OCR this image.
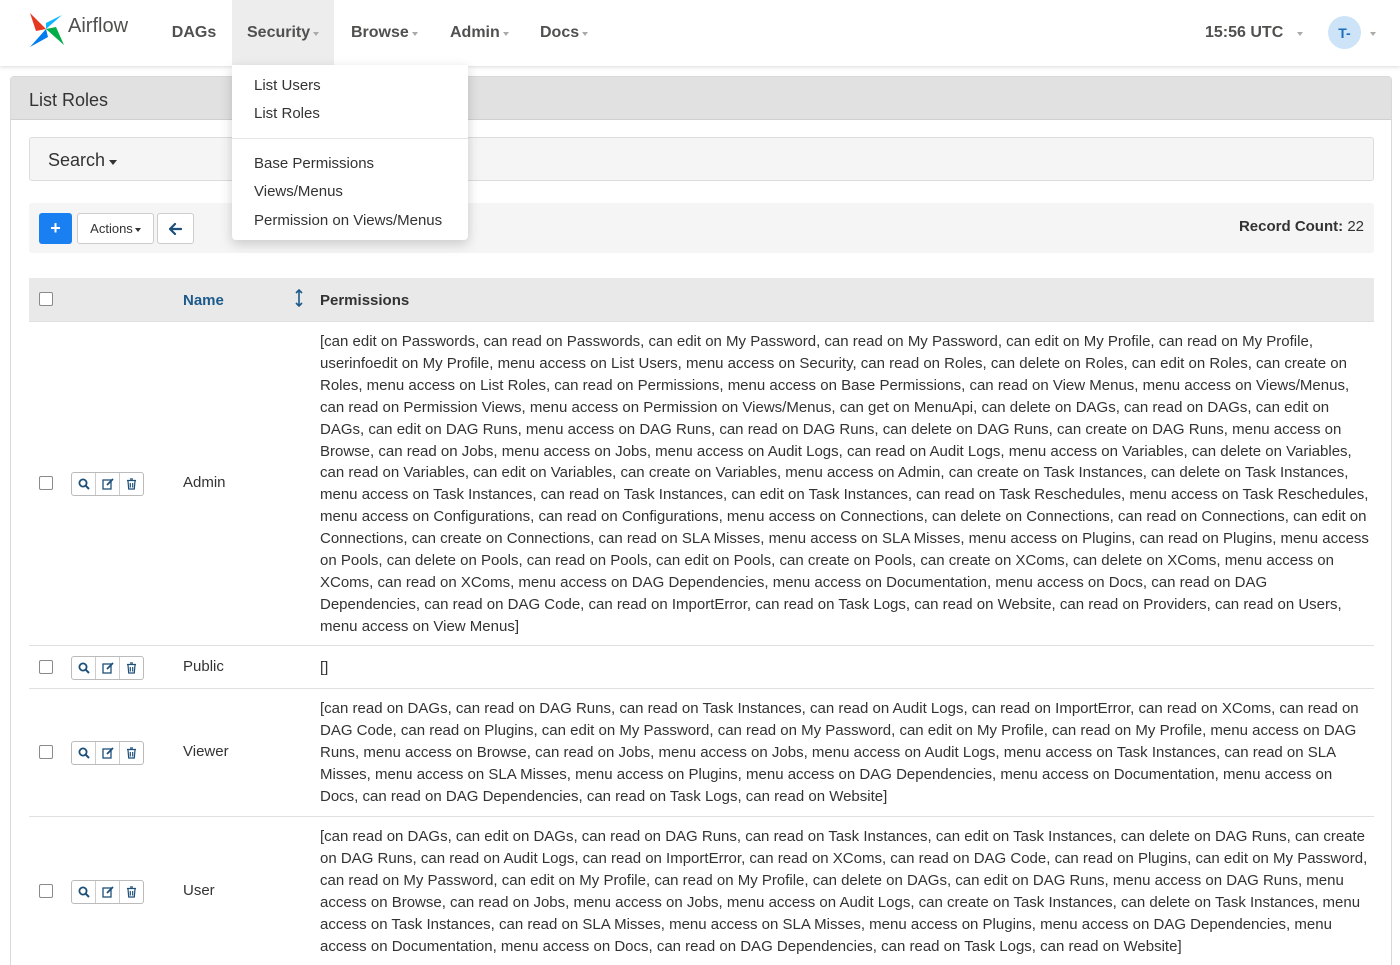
Airflow	DAGs Security	Browse	Admin	Docs	15:56 UTC	T-
List Roles
Search
+ Actions	Record Count: 22
Name	Permissions
Admin
[can edit on Passwords, can read on Passwords, can edit on My Password, can read on My Password, can edit on My Profile, can read on My Profile, userinfoedit on My Profile, menu access on List Users, menu access on Security, can read on Roles, can delete on Roles, can edit on Roles, can create on Roles, menu access on List Roles, can read on Permissions, menu access on Base Permissions, can read on View Menus, menu access on Views/Menus, can read on Permission Views, menu access on Permission on Views/Menus, can get on MenuApi, can delete on DAGs, can read on DAGs, can edit on DAGs, can edit on DAG Runs, menu access on DAG Runs, can read on DAG Runs, can delete on DAG Runs, can create on DAG Runs, menu access on Browse, can read on Jobs, menu access on Jobs, menu access on Audit Logs, can read on Audit Logs, menu access on Variables, can delete on Variables, can read on Variables, can edit on Variables, can create on Variables, menu access on Admin, can create on Task Instances, can delete on Task Instances, menu access on Task Instances, can read on Task Instances, can edit on Task Instances, can read on Task Reschedules, menu access on Task Reschedules, menu access on Configurations, can read on Configurations, menu access on Connections, can delete on Connections, can read on Connections, can edit on Connections, can create on Connections, can read on SLA Misses, menu access on SLA Misses, menu access on Plugins, can read on Plugins, menu access on Pools, can delete on Pools, can read on Pools, can edit on Pools, can create on Pools, can create on XComs, can delete on XComs, menu access on XComs, can read on XComs, menu access on DAG Dependencies, menu access on Documentation, menu access on Docs, can read on DAG Dependencies, can read on DAG Code, can read on ImportError, can read on Task Logs, can read on Website, can read on Providers, can read on Users, menu access on View Menus]
Public	[]
Viewer
[can read on DAGs, can read on DAG Runs, can read on Task Instances, can read on Audit Logs, can read on ImportError, can read on XComs, can read on DAG Code, can read on Plugins, can edit on My Password, can read on My Password, can edit on My Profile, can read on My Profile, menu access on DAG Runs, menu access on Browse, can read on Jobs, menu access on Jobs, menu access on Audit Logs, menu access on Task Instances, can read on SLA Misses, menu access on SLA Misses, menu access on Plugins, menu access on DAG Dependencies, menu access on Documentation, menu access on Docs, can read on DAG Dependencies, can read on Task Logs, can read on Website]
User
[can read on DAGs, can edit on DAGs, can read on DAG Runs, can read on Task Instances, can edit on Task Instances, can delete on DAG Runs, can create on DAG Runs, can read on Audit Logs, can read on ImportError, can read on XComs, can read on DAG Code, can read on Plugins, can edit on My Password, can read on My Password, can edit on My Profile, can read on My Profile, can delete on DAGs, can edit on DAG Runs, menu access on DAG Runs, menu access on Browse, can read on Jobs, menu access on Jobs, menu access on Audit Logs, can create on Task Instances, can delete on Task Instances, menu access on Task Instances, can read on SLA Misses, menu access on SLA Misses, menu access on Plugins, menu access on DAG Dependencies, menu access on Documentation, menu access on Docs, can read on DAG Dependencies, can read on Task Logs, can read on Website]
List Users
List Roles
Base Permissions
Views/Menus
Permission on Views/Menus
